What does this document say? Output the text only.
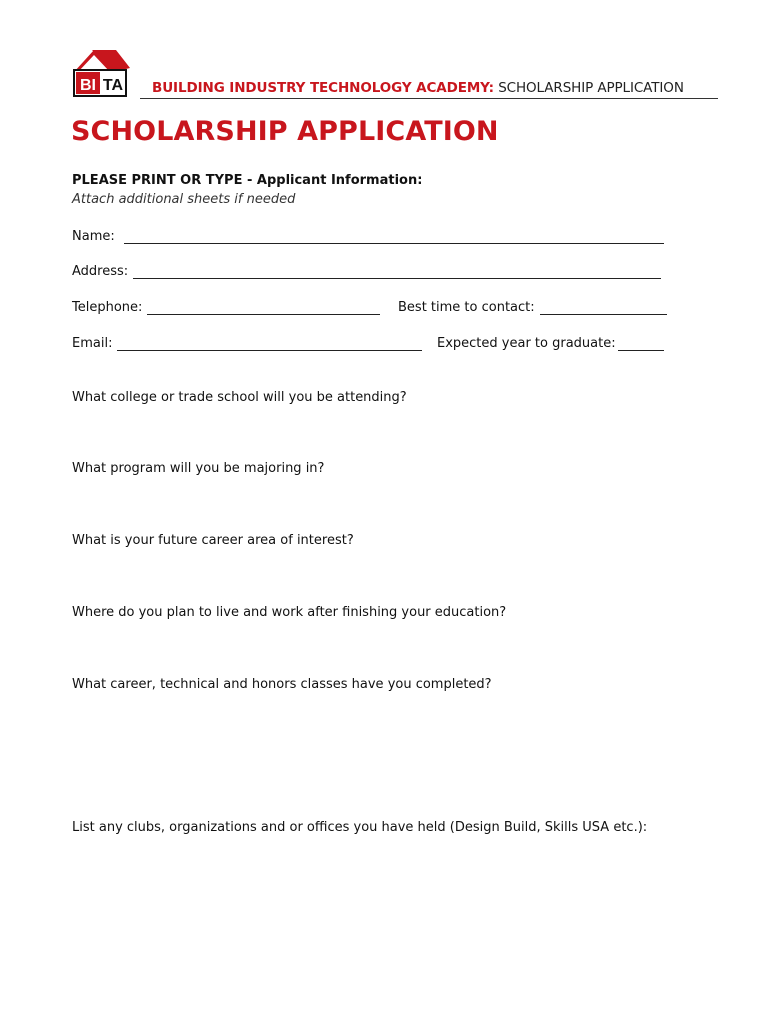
BI TA BUILDING INDUSTRY TECHNOLOGY ACADEMY: SCHOLARSHIP APPLICATION
SCHOLARSHIP APPLICATION
PLEASE PRINT OR TYPE - Applicant Information:
Attach additional sheets if needed
Name:
Address:
Telephone:	Best time to contact:
Email:	Expected year to graduate:
What college or trade school will you be attending?
What program will you be majoring in?
What is your future career area of interest?
Where do you plan to live and work after finishing your education?
What career, technical and honors classes have you completed?
List any clubs, organizations and or offices you have held (Design Build, Skills USA etc.):
